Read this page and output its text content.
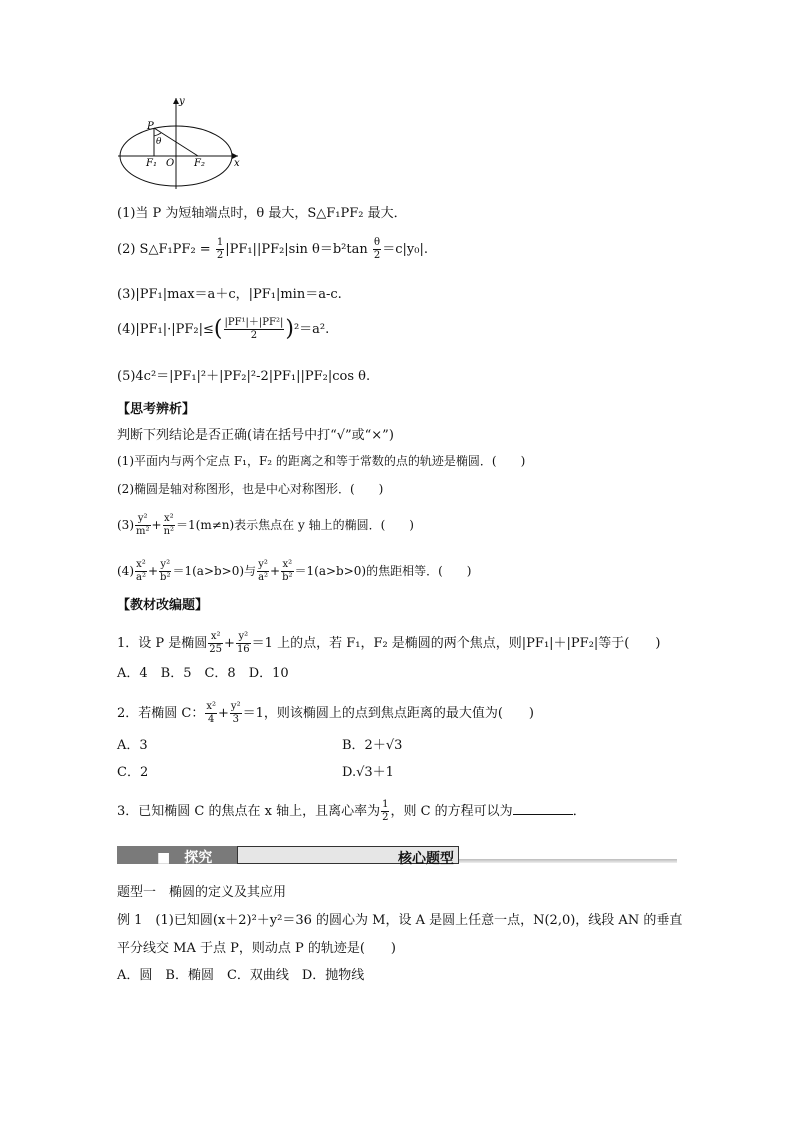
P
θ
F₁ O F₂	x
y
(1)当 P 为短轴端点时，θ 最大，S△F₁PF₂ 最大．
(2) S△F₁PF₂ = $\frac{1}{2} |PF_1||PF_2|\sin$ $\theta=b^2\tan \frac{\theta}{2} =c|y_0|$.
(3)|PF₁|max＝a＋c，|PF₁|min＝a-c.
$(4)|PF_1|\cdot|PF_2|\le( \frac{\text{|PF¹|＋|PF²|}}{2} )^2=a^2$.
(5)4c²＝|PF₁|²＋|PF₂|²-2|PF₁||PF₂|cos θ.
【思考辨析】
判断下列结论是否正确(请在括号中打“√”或“×”)
(1)平面内与两个定点 F₁，F₂ 的距离之和等于常数的点的轨迹是椭圆．(　　)
(2)椭圆是轴对称图形，也是中心对称图形．(　　)
$(3) \frac{\text{y²}}{\text{m²}} + \frac{\text{x²}}{\text{n²}} =1(m\ne n)$表示焦点在 y 轴上的椭圆．(　　)
$(4) \frac{\text{x²}}{\text{a²}} + \frac{\text{y²}}{\text{b²}} =1(a>b>0)$与 $\frac{\text{y²}}{\text{a²}} + \frac{\text{x²}}{\text{b²}} =1(a>b>0)$的焦距相等．(　　)
【教材改编题】
1．设 P 是椭圆 $\frac{\text{x²}}{25} + \frac{\text{y²}}{16} =1$ 上的点，若 F₁，F₂ 是椭圆的两个焦点，则|PF₁|＋|PF₂|等于(　　)
A．4　B．5　C．8　D．10
2．若椭圆 C： $\frac{\text{x²}}{4} + \frac{\text{y²}}{3} =1$，则该椭圆上的点到焦点距离的最大值为(　　)
A．3	B．2＋√3
C．2	D.√3＋1
3．已知椭圆 C 的焦点在 x 轴上，且离心率为 $\frac{1}{2}$ ，则 C 的方程可以为	．
■　探究	核心题型
题型一　椭圆的定义及其应用
例 1　(1)已知圆(x＋2)²＋y²＝36 的圆心为 M，设 A 是圆上任意一点，N(2,0)，线段 AN 的垂直
平分线交 MA 于点 P，则动点 P 的轨迹是(　　)
A．圆　B．椭圆　C．双曲线　D．抛物线
